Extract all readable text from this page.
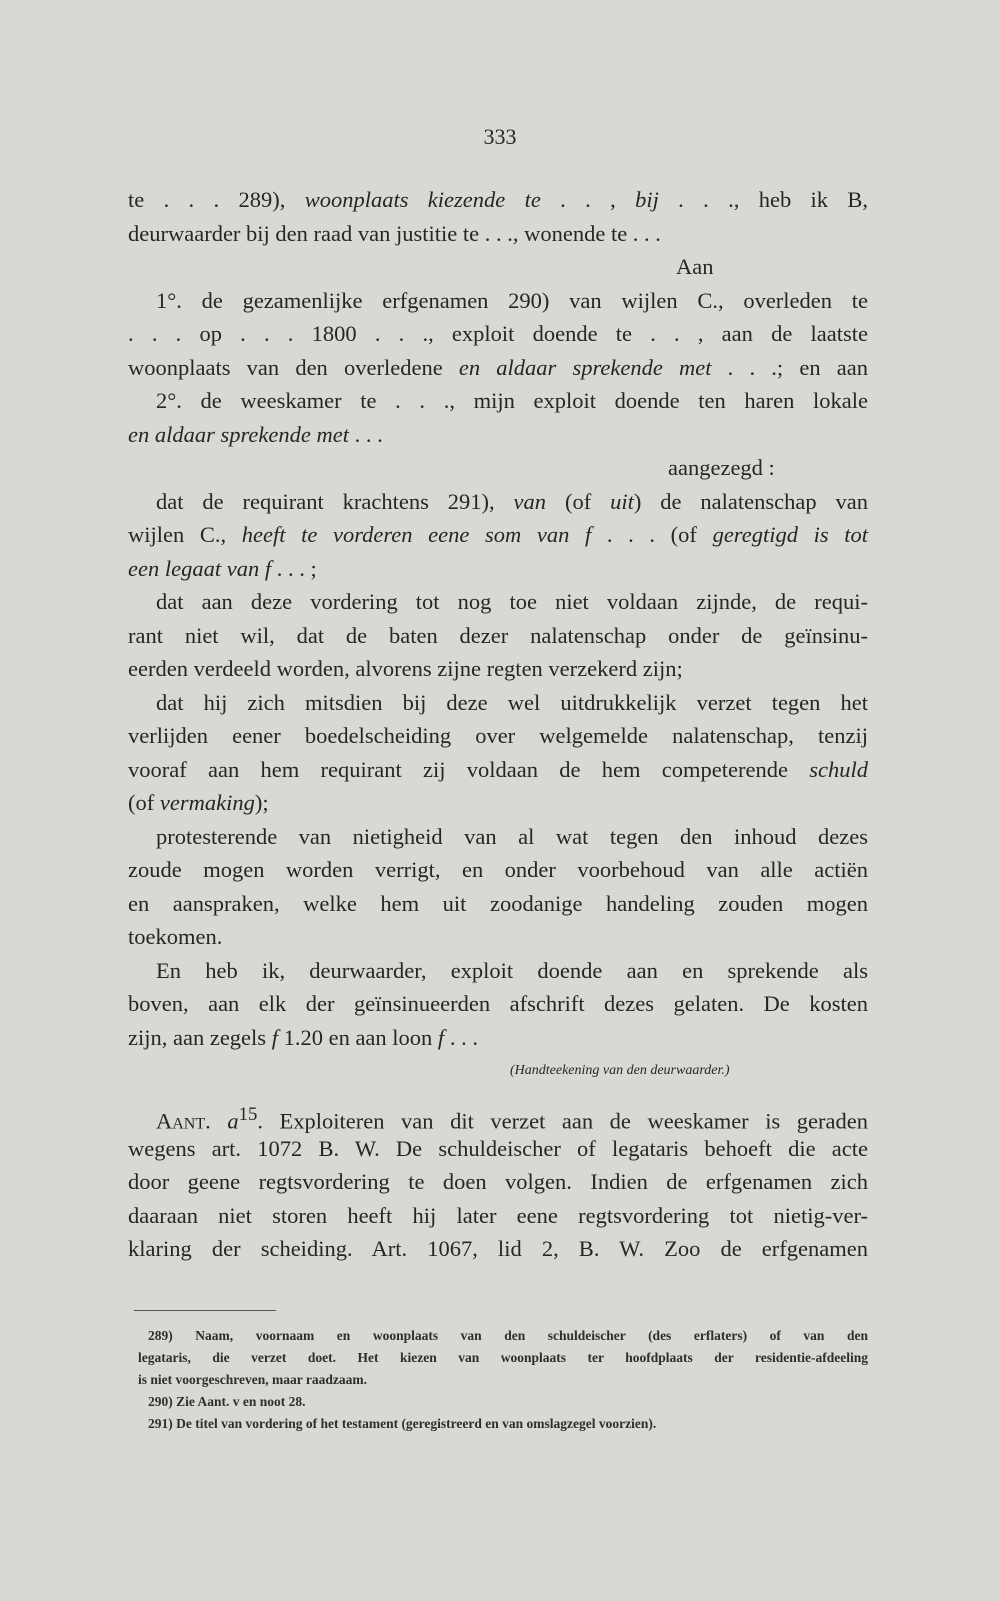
333
te . . . 289), woonplaats kiezende te . . , bij . . ., heb ik B,
deurwaarder bij den raad van justitie te . . ., wonende te . . .
Aan
1°. de gezamenlijke erfgenamen 290) van wijlen C., overleden te
. . . op . . . 1800 . . ., exploit doende te . . , aan de laatste
woonplaats van den overledene en aldaar sprekende met . . .; en aan
2°. de weeskamer te . . ., mijn exploit doende ten haren lokale
en aldaar sprekende met . . .
aangezegd :
dat de requirant krachtens 291), van (of uit) de nalatenschap van
wijlen C., heeft te vorderen eene som van f . . . (of geregtigd is tot
een legaat van f . . . ;
dat aan deze vordering tot nog toe niet voldaan zijnde, de requi-
rant niet wil, dat de baten dezer nalatenschap onder de geïnsinu-
eerden verdeeld worden, alvorens zijne regten verzekerd zijn;
dat hij zich mitsdien bij deze wel uitdrukkelijk verzet tegen het
verlijden eener boedelscheiding over welgemelde nalatenschap, tenzij
vooraf aan hem requirant zij voldaan de hem competerende schuld
(of vermaking);
protesterende van nietigheid van al wat tegen den inhoud dezes
zoude mogen worden verrigt, en onder voorbehoud van alle actiën
en aanspraken, welke hem uit zoodanige handeling zouden mogen
toekomen.
En heb ik, deurwaarder, exploit doende aan en sprekende als
boven, aan elk der geïnsinueerden afschrift dezes gelaten. De kosten
zijn, aan zegels f 1.20 en aan loon f . . .
(Handteekening van den deurwaarder.)
Aant. $a^{15}$. Exploiteren van dit verzet aan de weeskamer is geraden
wegens art. 1072 B. W. De schuldeischer of legataris behoeft die acte
door geene regtsvordering te doen volgen. Indien de erfgenamen zich
daaraan niet storen heeft hij later eene regtsvordering tot nietig-ver-
klaring der scheiding. Art. 1067, lid 2, B. W. Zoo de erfgenamen
289) Naam, voornaam en woonplaats van den schuldeischer (des erflaters) of van den
legataris, die verzet doet. Het kiezen van woonplaats ter hoofdplaats der residentie-afdeeling
is niet voorgeschreven, maar raadzaam.
290) Zie Aant. v en noot 28.
291) De titel van vordering of het testament (geregistreerd en van omslagzegel voorzien).
